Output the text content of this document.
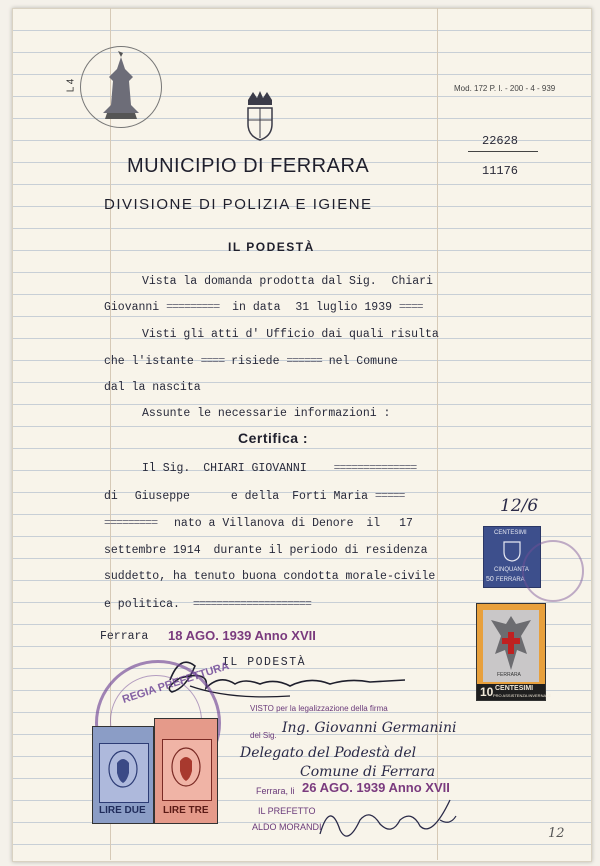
L 4	Mod. 172 P. I. - 200 - 4 - 939
22628
11176
MUNICIPIO DI FERRARA
DIVISIONE DI POLIZIA E IGIENE
IL PODESTÀ
Vista la domanda prodotta dal Sig. Chiari
Giovanni ========= in data 31 luglio 1939 ====
Visti gli atti d' Ufficio dai quali risulta
che l'istante ==== risiede ====== nel Comune
dal la nascita
Assunte le necessarie informazioni :
Certifica :
Il Sig. CHIARI GIOVANNI ==============
di Giuseppe	e della Forti Maria =====
========= nato a Villanova di Denore il 17
settembre 1914 durante il periodo di residenza
suddetto, ha tenuto buona condotta morale-civile
e politica. ====================
Ferrara 18 AGO. 1939 Anno XVII
IL PODESTÀ
12/6
CENTESIMI
CINQUANTA
FERRARA
50
FERRARA
10 CENTESIMI
PRO ASSISTENZA INVERNALE
REGIA PREFETTURA
LIRE DUE LIRE TRE
VISTO per la legalizzazione della firma
del Sig. Ing. Giovanni Germanini
Delegato del Podestà del
Comune di Ferrara
Ferrara, li 26 AGO. 1939 Anno XVII
IL PREFETTO
ALDO MORANDI	12
